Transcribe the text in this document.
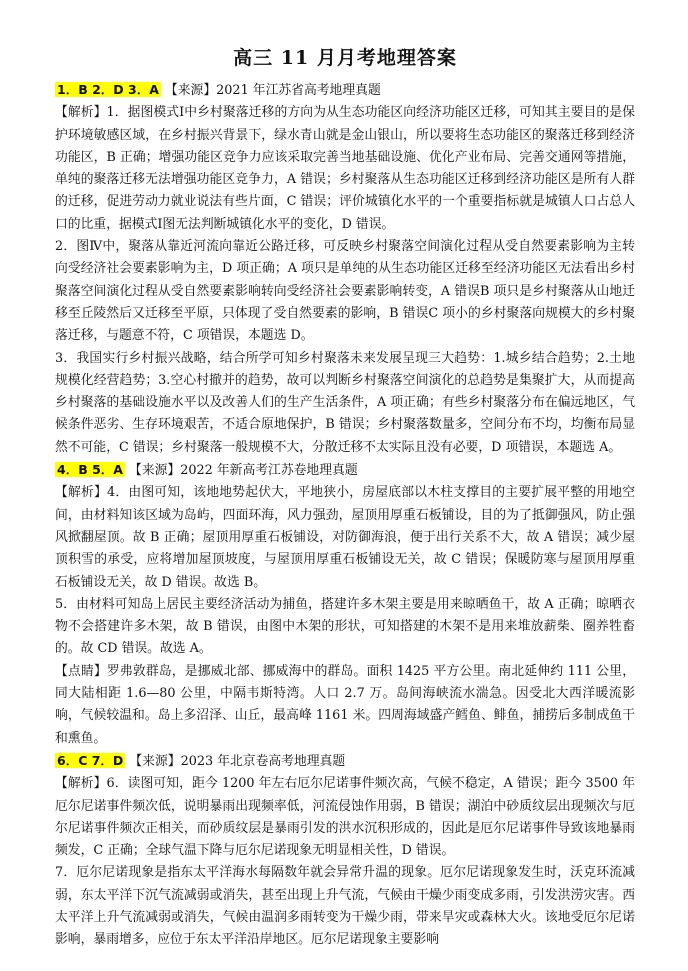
高三 11 月月考地理答案
1．B 2．D 3．A 【来源】2021 年江苏省高考地理真题

【解析】1．据图模式Ⅰ中乡村聚落迁移的方向为从生态功能区向经济功能区迁移，可知其主要目的是保护环境敏感区域，在乡村振兴背景下，绿水青山就是金山银山，所以要将生态功能区的聚落迁移到经济功能区，B 正确；增强功能区竞争力应该采取完善当地基础设施、优化产业布局、完善交通网等措施，单纯的聚落迁移无法增强功能区竞争力，A 错误；乡村聚落从生态功能区迁移到经济功能区是所有人群的迁移，促进劳动力就业说法有些片面，C 错误；评价城镇化水平的一个重要指标就是城镇人口占总人口的比重，据模式Ⅰ图无法判断城镇化水平的变化，D 错误。

2．图Ⅳ中，聚落从靠近河流向靠近公路迁移，可反映乡村聚落空间演化过程从受自然要素影响为主转向受经济社会要素影响为主，D 项正确；A 项只是单纯的从生态功能区迁移至经济功能区无法看出乡村聚落空间演化过程从受自然要素影响转向受经济社会要素影响转变，A 错误B 项只是乡村聚落从山地迁移至丘陵然后又迁移至平原，只体现了受自然要素的影响，B 错误C 项小的乡村聚落向规模大的乡村聚落迁移，与题意不符，C 项错误，本题选 D。

3．我国实行乡村振兴战略，结合所学可知乡村聚落未来发展呈现三大趋势：1.城乡结合趋势；2.土地规模化经营趋势；3.空心村撤并的趋势，故可以判断乡村聚落空间演化的总趋势是集聚扩大，从而提高乡村聚落的基础设施水平以及改善人们的生产生活条件，A 项正确；有些乡村聚落分布在偏远地区，气候条件恶劣、生存环境艰苦，不适合原地保护，B 错误；乡村聚落数量多，空间分布不均，均衡布局显然不可能，C 错误；乡村聚落一般规模不大，分散迁移不太实际且没有必要，D 项错误，本题选 A。

4．B 5．A 【来源】2022 年新高考江苏卷地理真题

【解析】4．由图可知，该地地势起伏大，平地狭小，房屋底部以木柱支撑目的主要扩展平整的用地空间，由材料知该区域为岛屿，四面环海，风力强劲，屋顶用厚重石板铺设，目的为了抵御强风，防止强风掀翻屋顶。故 B 正确；屋顶用厚重石板铺设，对防御海浪，便于出行关系不大，故 A 错误；减少屋顶积雪的承受，应将增加屋顶坡度，与屋顶用厚重石板铺设无关，故 C 错误；保暖防寒与屋顶用厚重石板铺设无关，故 D 错误。故选 B。

5．由材料可知岛上居民主要经济活动为捕鱼，搭建许多木架主要是用来晾晒鱼干，故 A 正确；晾晒衣物不会搭建许多木架，故 B 错误，由图中木架的形状，可知搭建的木架不是用来堆放薪柴、圈养牲畜的。故 CD 错误。故选 A。

【点睛】罗弗敦群岛，是挪威北部、挪威海中的群岛。面积 1425 平方公里。南北延伸约 111 公里，同大陆相距 1.6—80 公里，中隔韦斯特湾。人口 2.7 万。岛间海峡流水湍急。因受北大西洋暖流影响，气候较温和。岛上多沼泽、山丘，最高峰 1161 米。四周海域盛产鳕鱼、鲱鱼，捕捞后多制成鱼干和熏鱼。

6．C 7．D 【来源】2023 年北京卷高考地理真题

【解析】6．读图可知，距今 1200 年左右厄尔尼诺事件频次高，气候不稳定，A 错误；距今 3500 年厄尔尼诺事件频次低，说明暴雨出现频率低，河流侵蚀作用弱，B 错误；湖泊中砂质纹层出现频次与厄尔尼诺事件频次正相关，而砂质纹层是暴雨引发的洪水沉积形成的，因此是厄尔尼诺事件导致该地暴雨频发，C 正确；全球气温下降与厄尔尼诺现象无明显相关性，D 错误。

7．厄尔尼诺现象是指东太平洋海水每隔数年就会异常升温的现象。厄尔尼诺现象发生时，沃克环流减弱，东太平洋下沉气流减弱或消失，甚至出现上升气流，气候由干燥少雨变成多雨，引发洪涝灾害。西太平洋上升气流减弱或消失，气候由温润多雨转变为干燥少雨，带来旱灾或森林大火。该地受厄尔尼诺影响，暴雨增多，应位于东太平洋沿岸地区。厄尔尼诺现象主要影响
